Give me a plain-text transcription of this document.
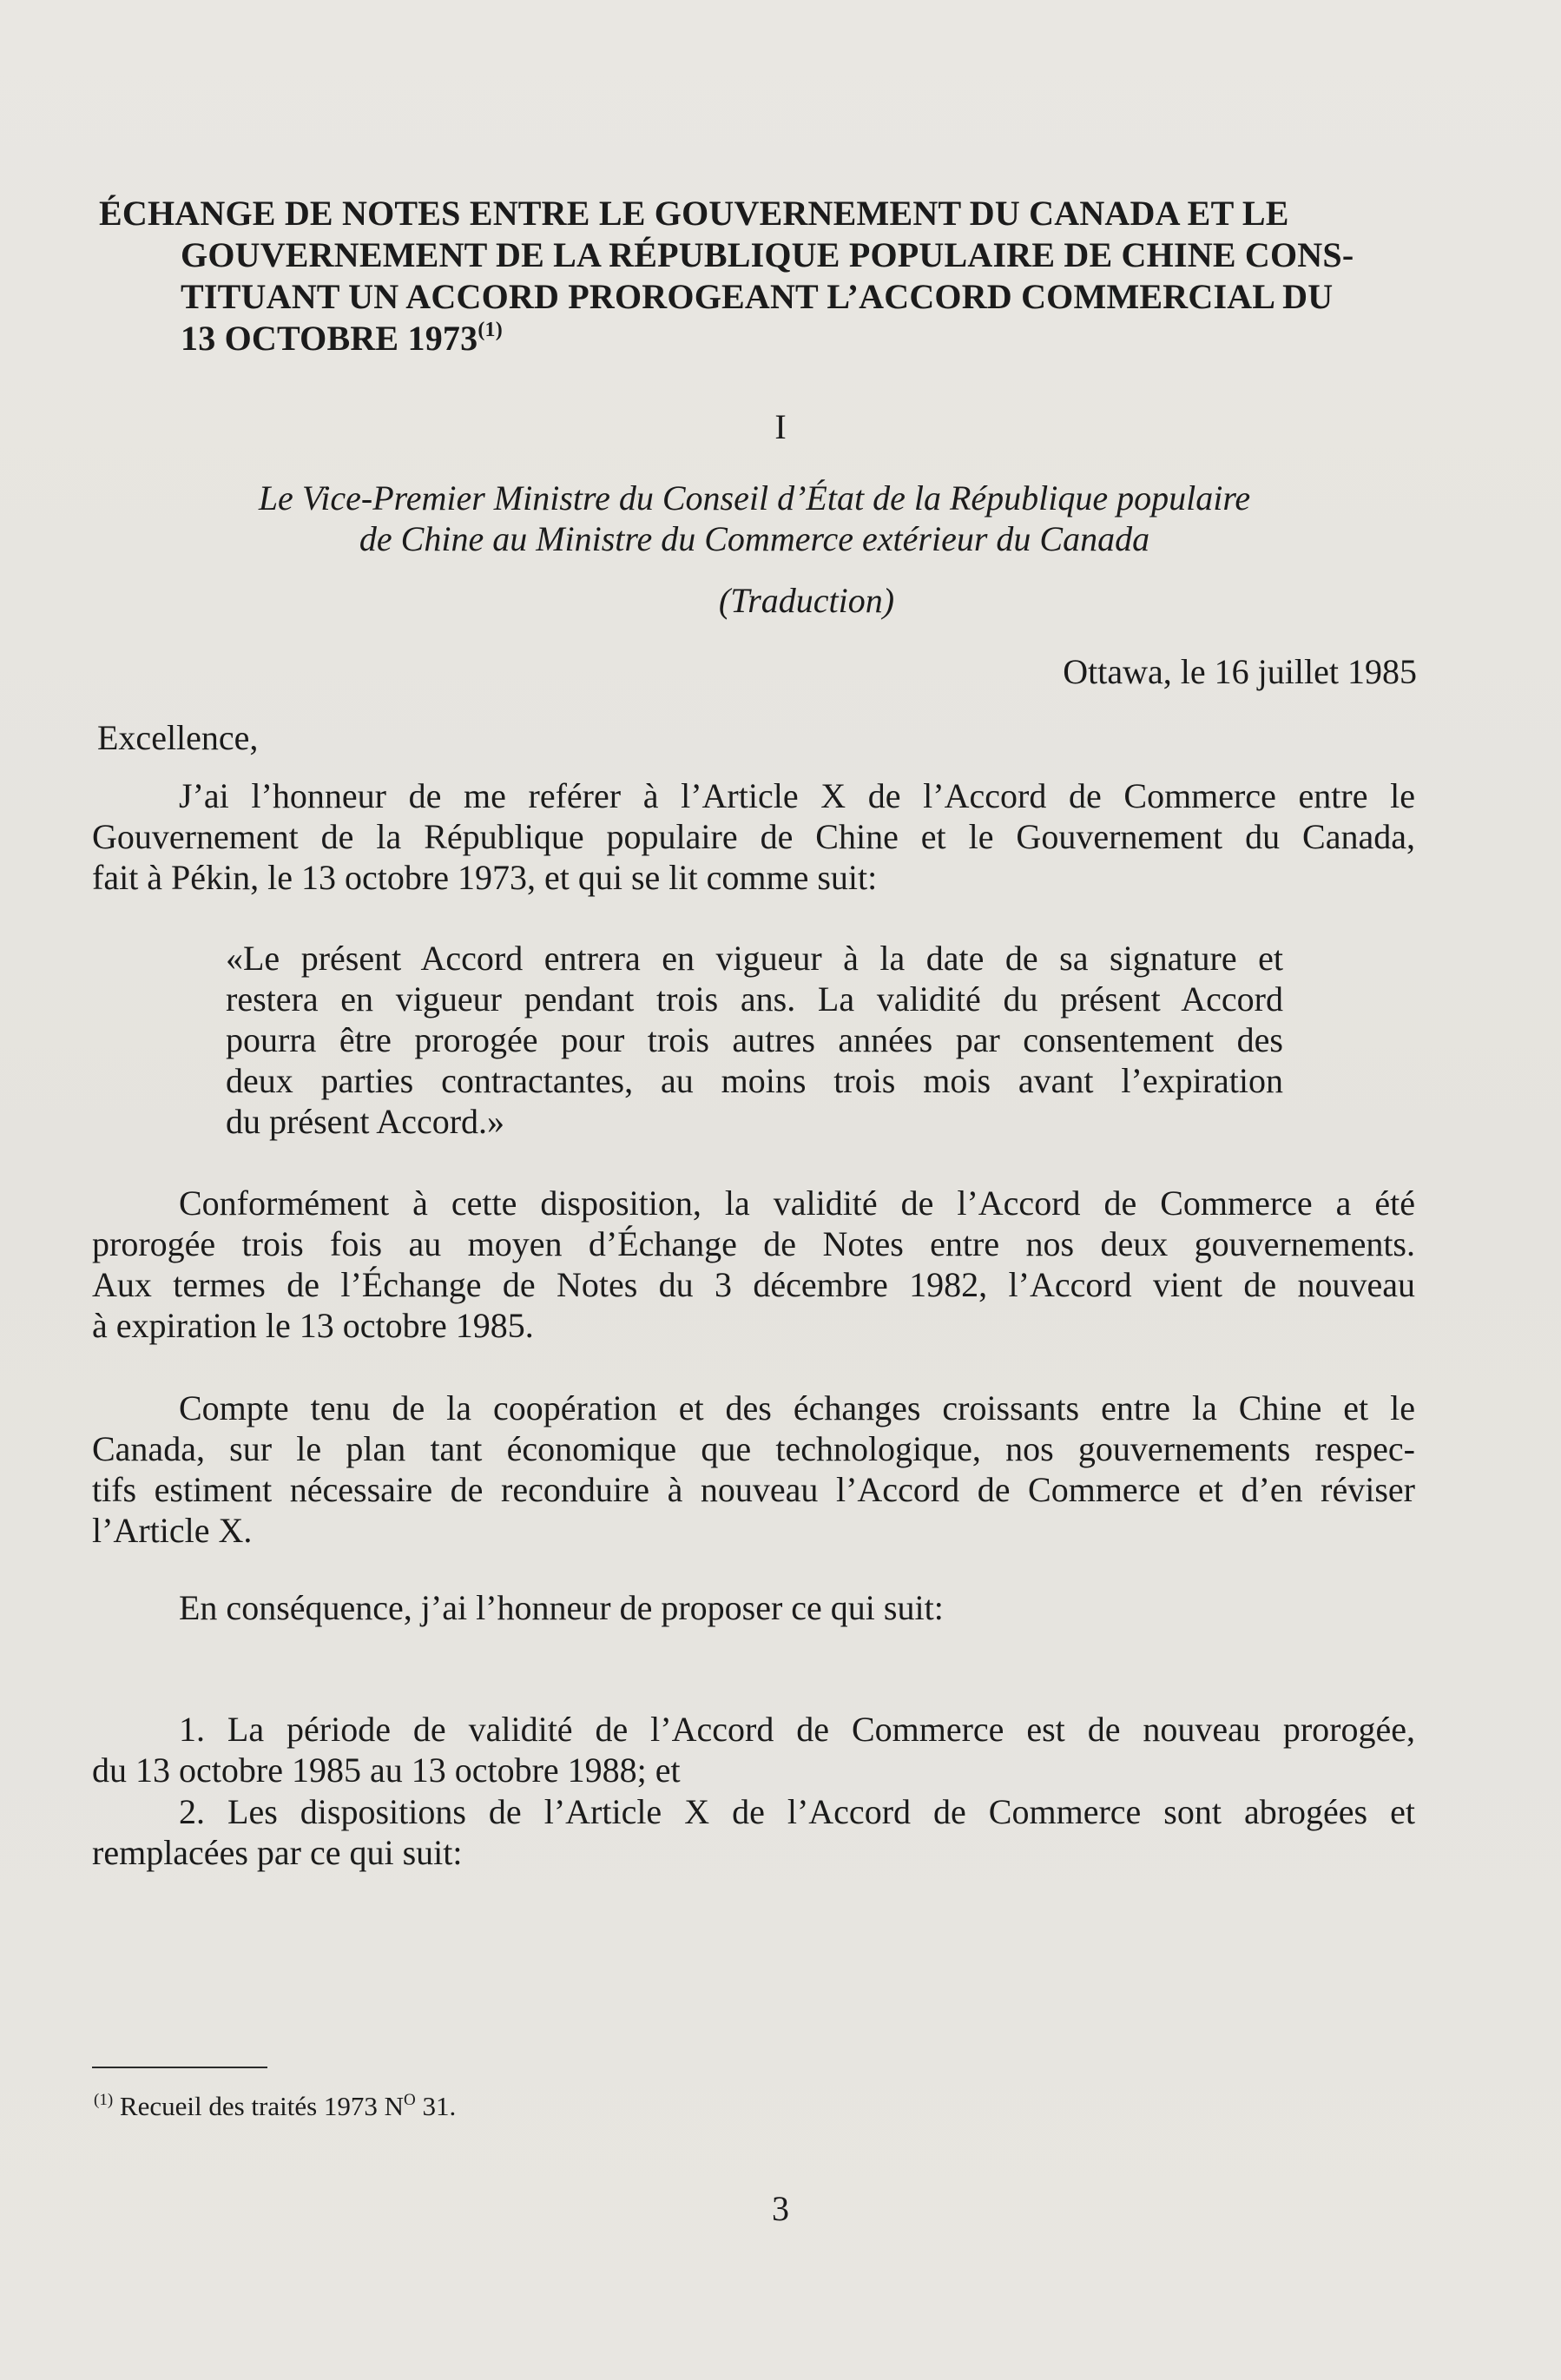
ÉCHANGE DE NOTES ENTRE LE GOUVERNEMENT DU CANADA ET LE
GOUVERNEMENT DE LA RÉPUBLIQUE POPULAIRE DE CHINE CONS-
TITUANT UN ACCORD PROROGEANT L’ACCORD COMMERCIAL DU
13 OCTOBRE 1973$^{(1)}$
I
Le Vice-Premier Ministre du Conseil d’État de la République populaire
de Chine au Ministre du Commerce extérieur du Canada
(Traduction)
Ottawa, le 16 juillet 1985
Excellence,
J’ai l’honneur de me reférer à l’Article X de l’Accord de Commerce entre le
Gouvernement de la République populaire de Chine et le Gouvernement du Canada,
fait à Pékin, le 13 octobre 1973, et qui se lit comme suit:
«Le présent Accord entrera en vigueur à la date de sa signature et
restera en vigueur pendant trois ans. La validité du présent Accord
pourra être prorogée pour trois autres années par consentement des
deux parties contractantes, au moins trois mois avant l’expiration
du présent Accord.»
Conformément à cette disposition, la validité de l’Accord de Commerce a été
prorogée trois fois au moyen d’Échange de Notes entre nos deux gouvernements.
Aux termes de l’Échange de Notes du 3 décembre 1982, l’Accord vient de nouveau
à expiration le 13 octobre 1985.
Compte tenu de la coopération et des échanges croissants entre la Chine et le
Canada, sur le plan tant économique que technologique, nos gouvernements respec-
tifs estiment nécessaire de reconduire à nouveau l’Accord de Commerce et d’en réviser
l’Article X.
En conséquence, j’ai l’honneur de proposer ce qui suit:
1. La période de validité de l’Accord de Commerce est de nouveau prorogée,
du 13 octobre 1985 au 13 octobre 1988; et
2. Les dispositions de l’Article X de l’Accord de Commerce sont abrogées et
remplacées par ce qui suit:
$^{(1)}$ Recueil des traités 1973 $N^O$ 31.
3
